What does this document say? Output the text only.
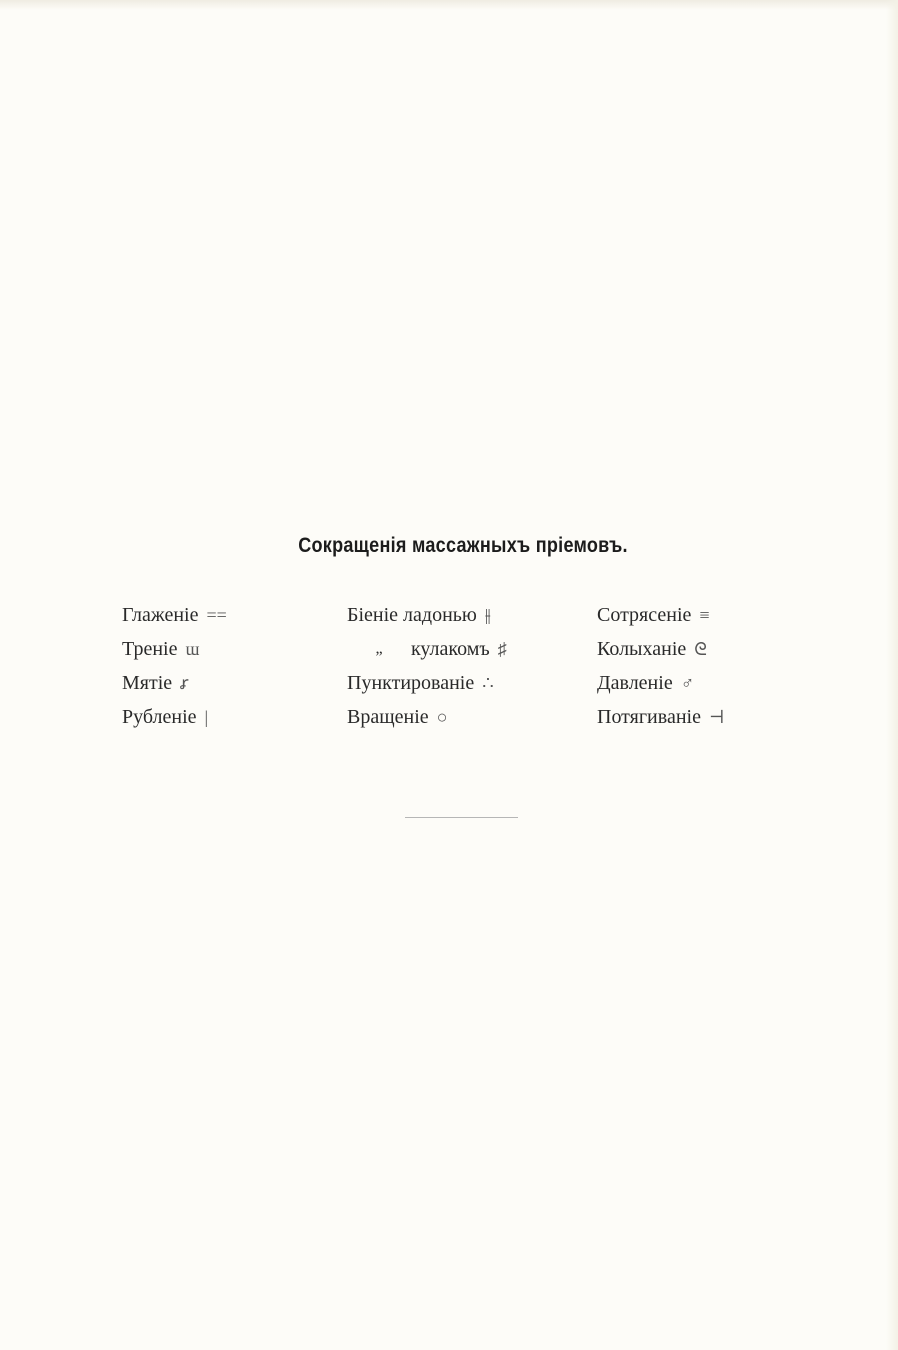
Сокращенія массажныхъ пріемовъ.
Глаженіе ==
Треніе ɯ
Мятіе ꭉ
Рубленіе |
Біеніе ладонью ⫲
„	кулакомъ ♯
Пунктированіе ∴
Вращеніе ○
Сотрясеніе ≡
Колыханіе ᘓ
Давленіе ♂
Потягиваніе ⊣
